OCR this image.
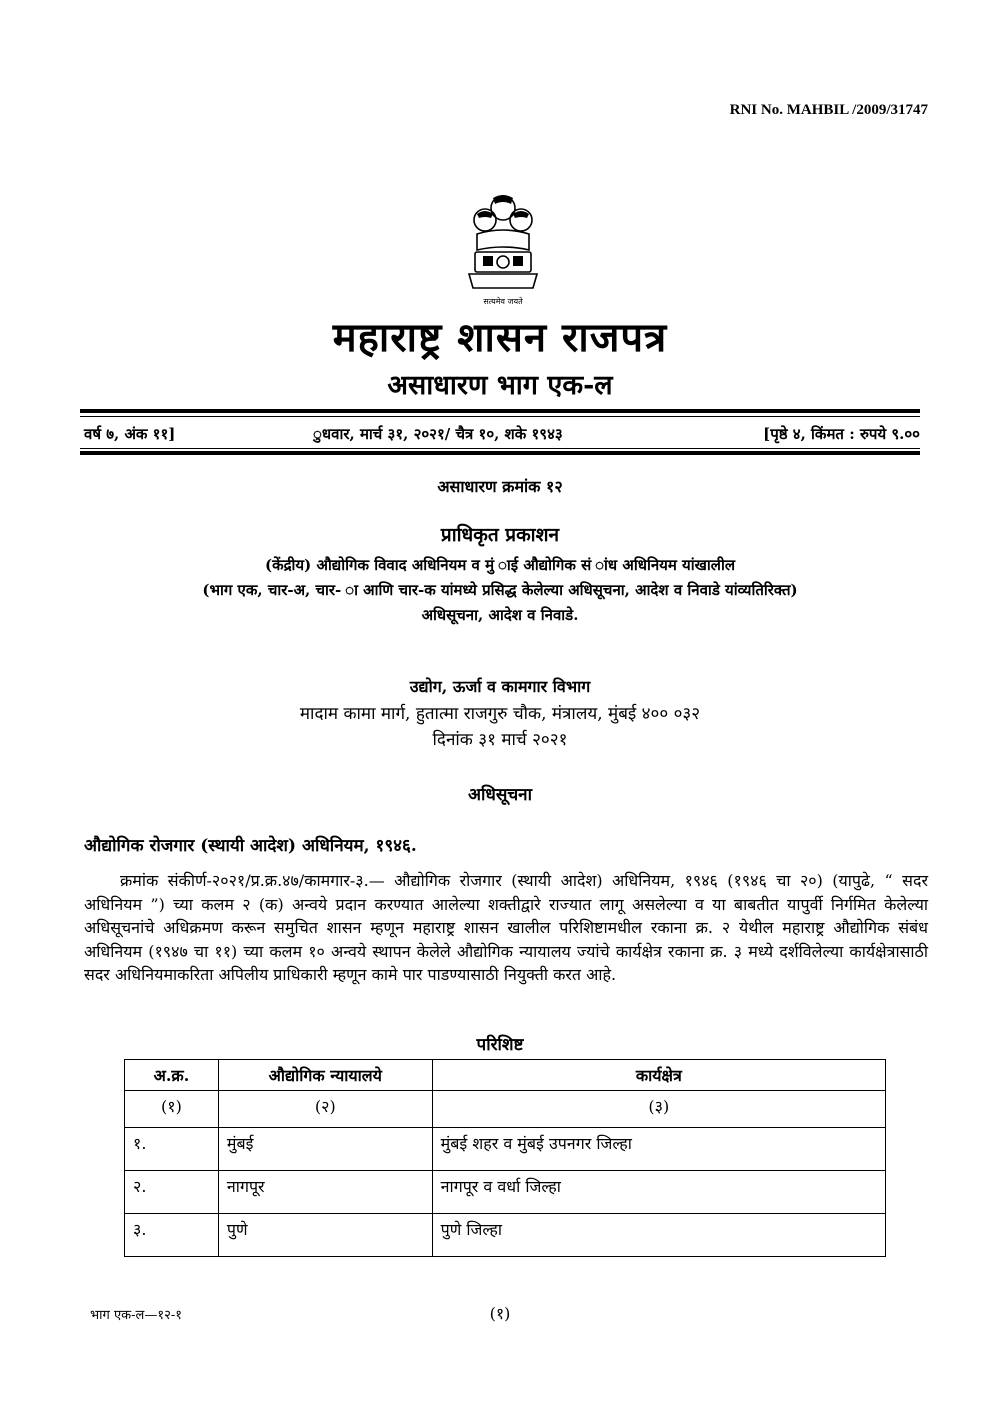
RNI No. MAHBIL /2009/31747
सत्यमेव जयते
महाराष्ट्र शासन राजपत्र
असाधारण भाग एक-ल
वर्ष ७, अंक ११]	ुधवार, मार्च ३१, २०२१/ चैत्र १०, शके १९४३	[पृष्ठे ४, किंमत : रुपये ९.००
असाधारण क्रमांक १२
प्राधिकृत प्रकाशन
(केंद्रीय) औद्योगिक विवाद अधिनियम व मुं ाई औद्योगिक सं ांध अधिनियम यांखालील
(भाग एक, चार-अ, चार- ा आणि चार-क यांमध्ये प्रसिद्ध केलेल्या अधिसूचना, आदेश व निवाडे यांव्यतिरिक्त)
अधिसूचना, आदेश व निवाडे.
उद्योग, ऊर्जा व कामगार विभाग
मादाम कामा मार्ग, हुतात्मा राजगुरु चौक, मंत्रालय, मुंबई ४०० ०३२
दिनांक ३१ मार्च २०२१
अधिसूचना
औद्योगिक रोजगार (स्थायी आदेश) अधिनियम, १९४६.
क्रमांक संकीर्ण-२०२१/प्र.क्र.४७/कामगार-३.— औद्योगिक रोजगार (स्थायी आदेश) अधिनियम, १९४६ (१९४६ चा २०) (यापुढे, “ सदर अधिनियम ”) च्या कलम २ (क) अन्वये प्रदान करण्यात आलेल्या शक्तीद्वारे राज्यात लागू असलेल्या व या बाबतीत यापुर्वी निर्गमित केलेल्या अधिसूचनांचे अधिक्रमण करून समुचित शासन म्हणून महाराष्ट्र शासन खालील परिशिष्टामधील रकाना क्र. २ येथील महाराष्ट्र औद्योगिक संबंध अधिनियम (१९४७ चा ११) च्या कलम १० अन्वये स्थापन केलेले औद्योगिक न्यायालय ज्यांचे कार्यक्षेत्र रकाना क्र. ३ मध्ये दर्शविलेल्या कार्यक्षेत्रासाठी सदर अधिनियमाकरिता अपिलीय प्राधिकारी म्हणून कामे पार पाडण्यासाठी नियुक्ती करत आहे.
परिशिष्ट
अ.क्र.	औद्योगिक न्यायालये	कार्यक्षेत्र
(१)	(२)	(३)
१.	मुंबई	मुंबई शहर व मुंबई उपनगर जिल्हा
२.	नागपूर	नागपूर व वर्धा जिल्हा
३.	पुणे	पुणे जिल्हा
भाग एक-ल—१२-१	(१)
